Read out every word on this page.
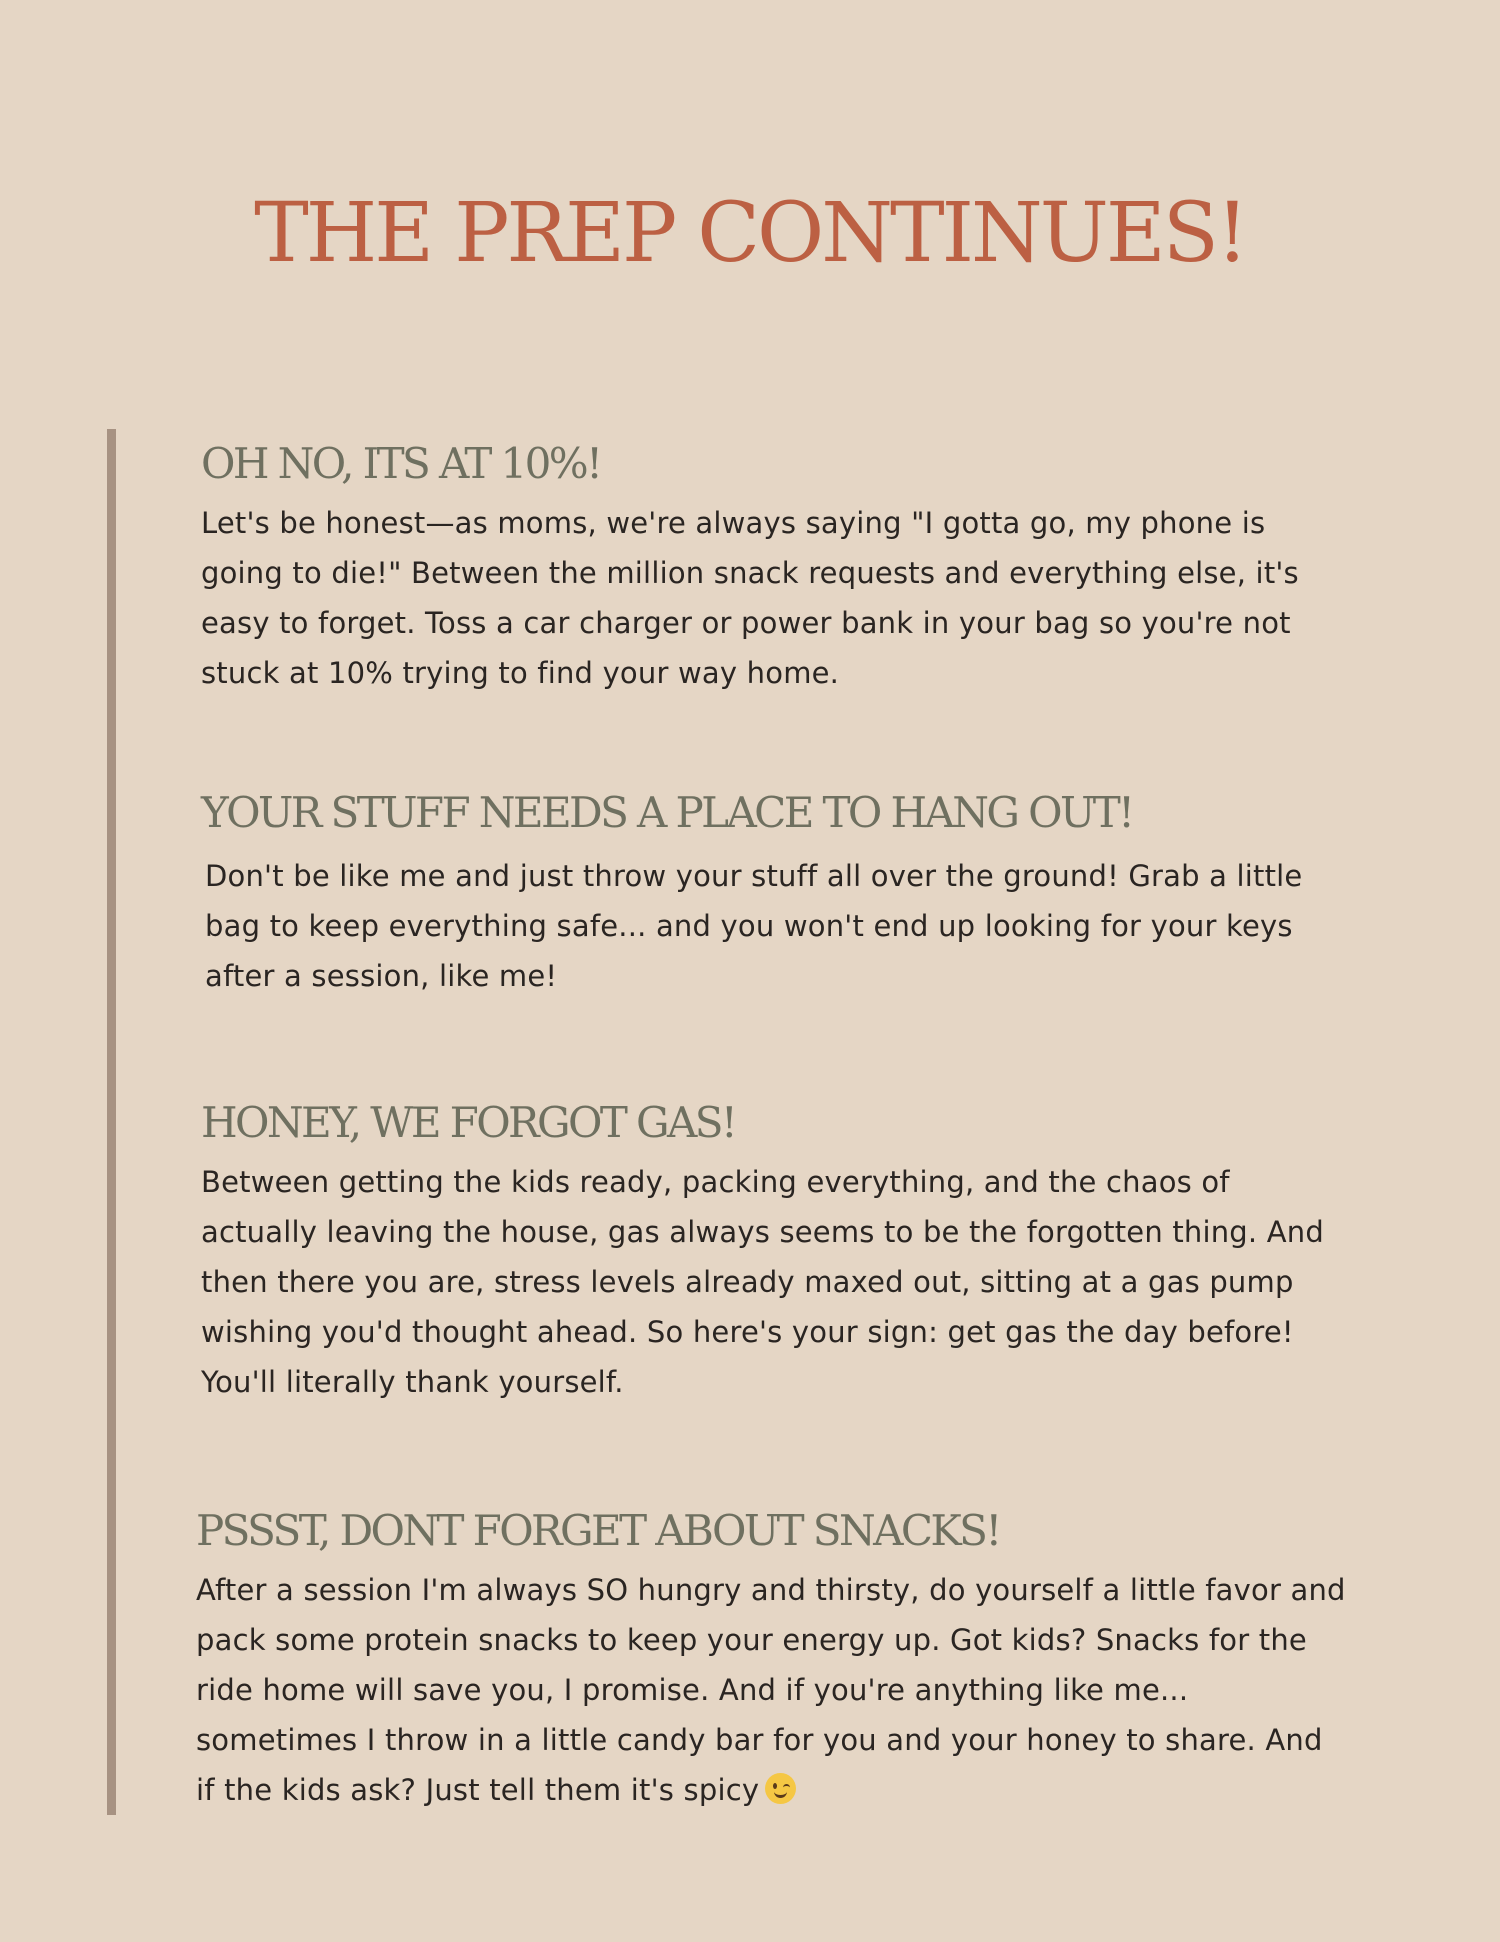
THE PREP CONTINUES!
OH NO, ITS AT 10%!

Let's be honest—as moms, we're always saying "I gotta go, my phone is going to die!" Between the million snack requests and everything else, it's easy to forget. Toss a car charger or power bank in your bag so you're not stuck at 10% trying to find your way home.

YOUR STUFF NEEDS A PLACE TO HANG OUT!

Don't be like me and just throw your stuff all over the ground! Grab a little bag to keep everything safe... and you won't end up looking for your keys after a session, like me!

HONEY, WE FORGOT GAS!

Between getting the kids ready, packing everything, and the chaos of actually leaving the house, gas always seems to be the forgotten thing. And then there you are, stress levels already maxed out, sitting at a gas pump wishing you'd thought ahead. So here's your sign: get gas the day before! You'll literally thank yourself.

PSSST, DONT FORGET ABOUT SNACKS!

After a session I'm always SO hungry and thirsty, do yourself a little favor and pack some protein snacks to keep your energy up. Got kids? Snacks for the ride home will save you, I promise. And if you're anything like me... sometimes I throw in a little candy bar for you and your honey to share. And if the kids ask? Just tell them it's spicy
